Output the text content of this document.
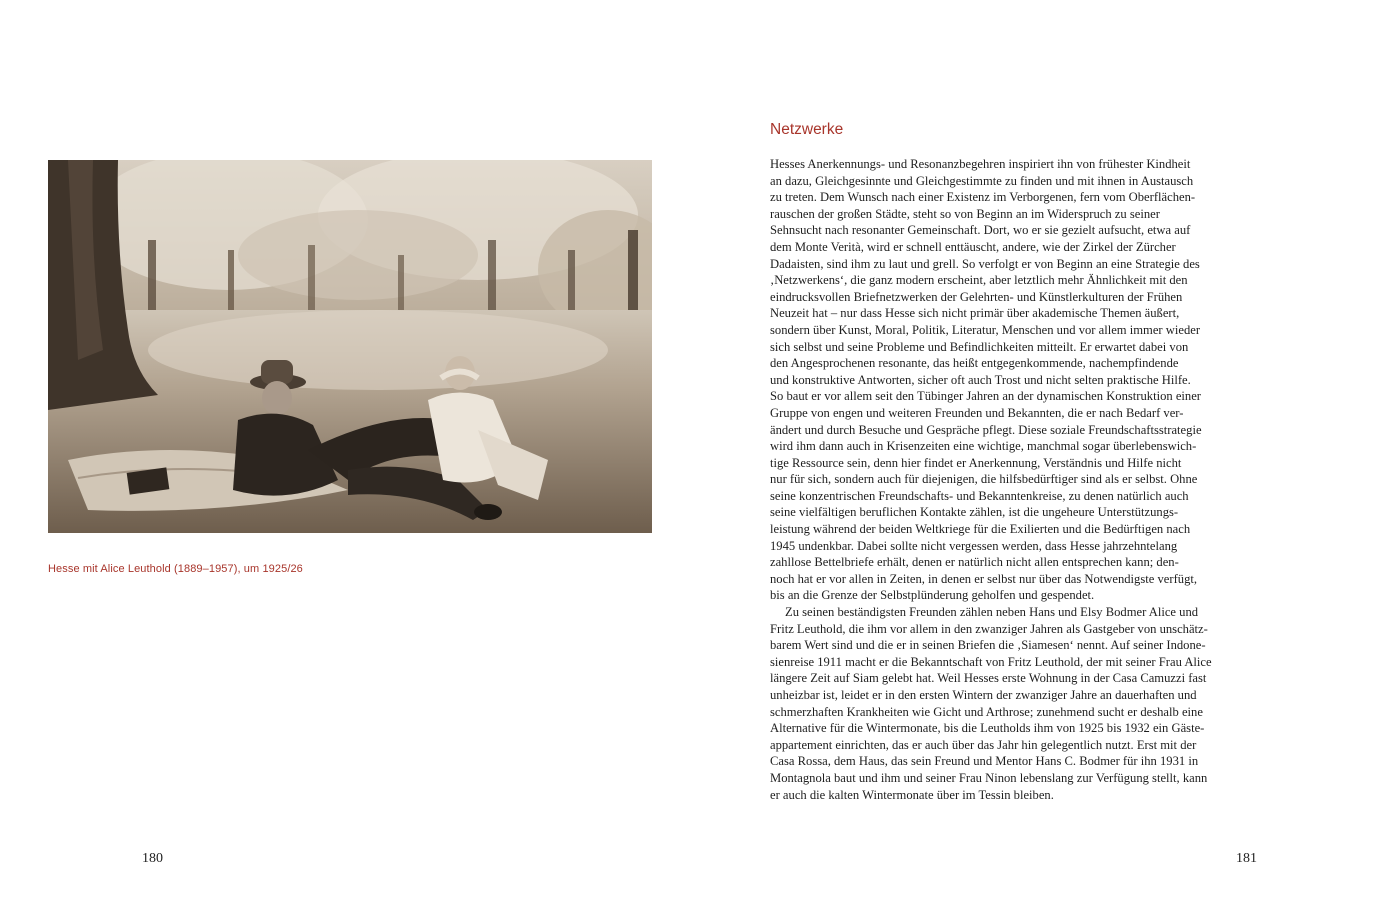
Hesse mit Alice Leuthold (1889–1957), um 1925/26
180
Netzwerke
Hesses Anerkennungs- und Resonanzbegehren inspiriert ihn von frühester Kindheit
an dazu, Gleichgesinnte und Gleichgestimmte zu finden und mit ihnen in Austausch
zu treten. Dem Wunsch nach einer Existenz im Verborgenen, fern vom Oberflächen-
rauschen der großen Städte, steht so von Beginn an im Widerspruch zu seiner
Sehnsucht nach resonanter Gemeinschaft. Dort, wo er sie gezielt aufsucht, etwa auf
dem Monte Verità, wird er schnell enttäuscht, andere, wie der Zirkel der Zürcher
Dadaisten, sind ihm zu laut und grell. So verfolgt er von Beginn an eine Strategie des
‚Netzwerkens‘, die ganz modern erscheint, aber letztlich mehr Ähnlichkeit mit den
eindrucksvollen Briefnetzwerken der Gelehrten- und Künstlerkulturen der Frühen
Neuzeit hat – nur dass Hesse sich nicht primär über akademische Themen äußert,
sondern über Kunst, Moral, Politik, Literatur, Menschen und vor allem immer wieder
sich selbst und seine Probleme und Befindlichkeiten mitteilt. Er erwartet dabei von
den Angesprochenen resonante, das heißt entgegenkommende, nachempfindende
und konstruktive Antworten, sicher oft auch Trost und nicht selten praktische Hilfe.
So baut er vor allem seit den Tübinger Jahren an der dynamischen Konstruktion einer
Gruppe von engen und weiteren Freunden und Bekannten, die er nach Bedarf ver-
ändert und durch Besuche und Gespräche pflegt. Diese soziale Freundschaftsstrategie
wird ihm dann auch in Krisenzeiten eine wichtige, manchmal sogar überlebenswich-
tige Ressource sein, denn hier findet er Anerkennung, Verständnis und Hilfe nicht
nur für sich, sondern auch für diejenigen, die hilfsbedürftiger sind als er selbst. Ohne
seine konzentrischen Freundschafts- und Bekanntenkreise, zu denen natürlich auch
seine vielfältigen beruflichen Kontakte zählen, ist die ungeheure Unterstützungs-
leistung während der beiden Weltkriege für die Exilierten und die Bedürftigen nach
1945 undenkbar. Dabei sollte nicht vergessen werden, dass Hesse jahrzehntelang
zahllose Bettelbriefe erhält, denen er natürlich nicht allen entsprechen kann; den-
noch hat er vor allen in Zeiten, in denen er selbst nur über das Notwendigste verfügt,
bis an die Grenze der Selbstplünderung geholfen und gespendet.
Zu seinen beständigsten Freunden zählen neben Hans und Elsy Bodmer Alice und
Fritz Leuthold, die ihm vor allem in den zwanziger Jahren als Gastgeber von unschätz-
barem Wert sind und die er in seinen Briefen die ‚Siamesen‘ nennt. Auf seiner Indone-
sienreise 1911 macht er die Bekanntschaft von Fritz Leuthold, der mit seiner Frau Alice
längere Zeit auf Siam gelebt hat. Weil Hesses erste Wohnung in der Casa Camuzzi fast
unheizbar ist, leidet er in den ersten Wintern der zwanziger Jahre an dauerhaften und
schmerzhaften Krankheiten wie Gicht und Arthrose; zunehmend sucht er deshalb eine
Alternative für die Wintermonate, bis die Leutholds ihm von 1925 bis 1932 ein Gäste-
appartement einrichten, das er auch über das Jahr hin gelegentlich nutzt. Erst mit der
Casa Rossa, dem Haus, das sein Freund und Mentor Hans C. Bodmer für ihn 1931 in
Montagnola baut und ihm und seiner Frau Ninon lebenslang zur Verfügung stellt, kann
er auch die kalten Wintermonate über im Tessin bleiben.
181
